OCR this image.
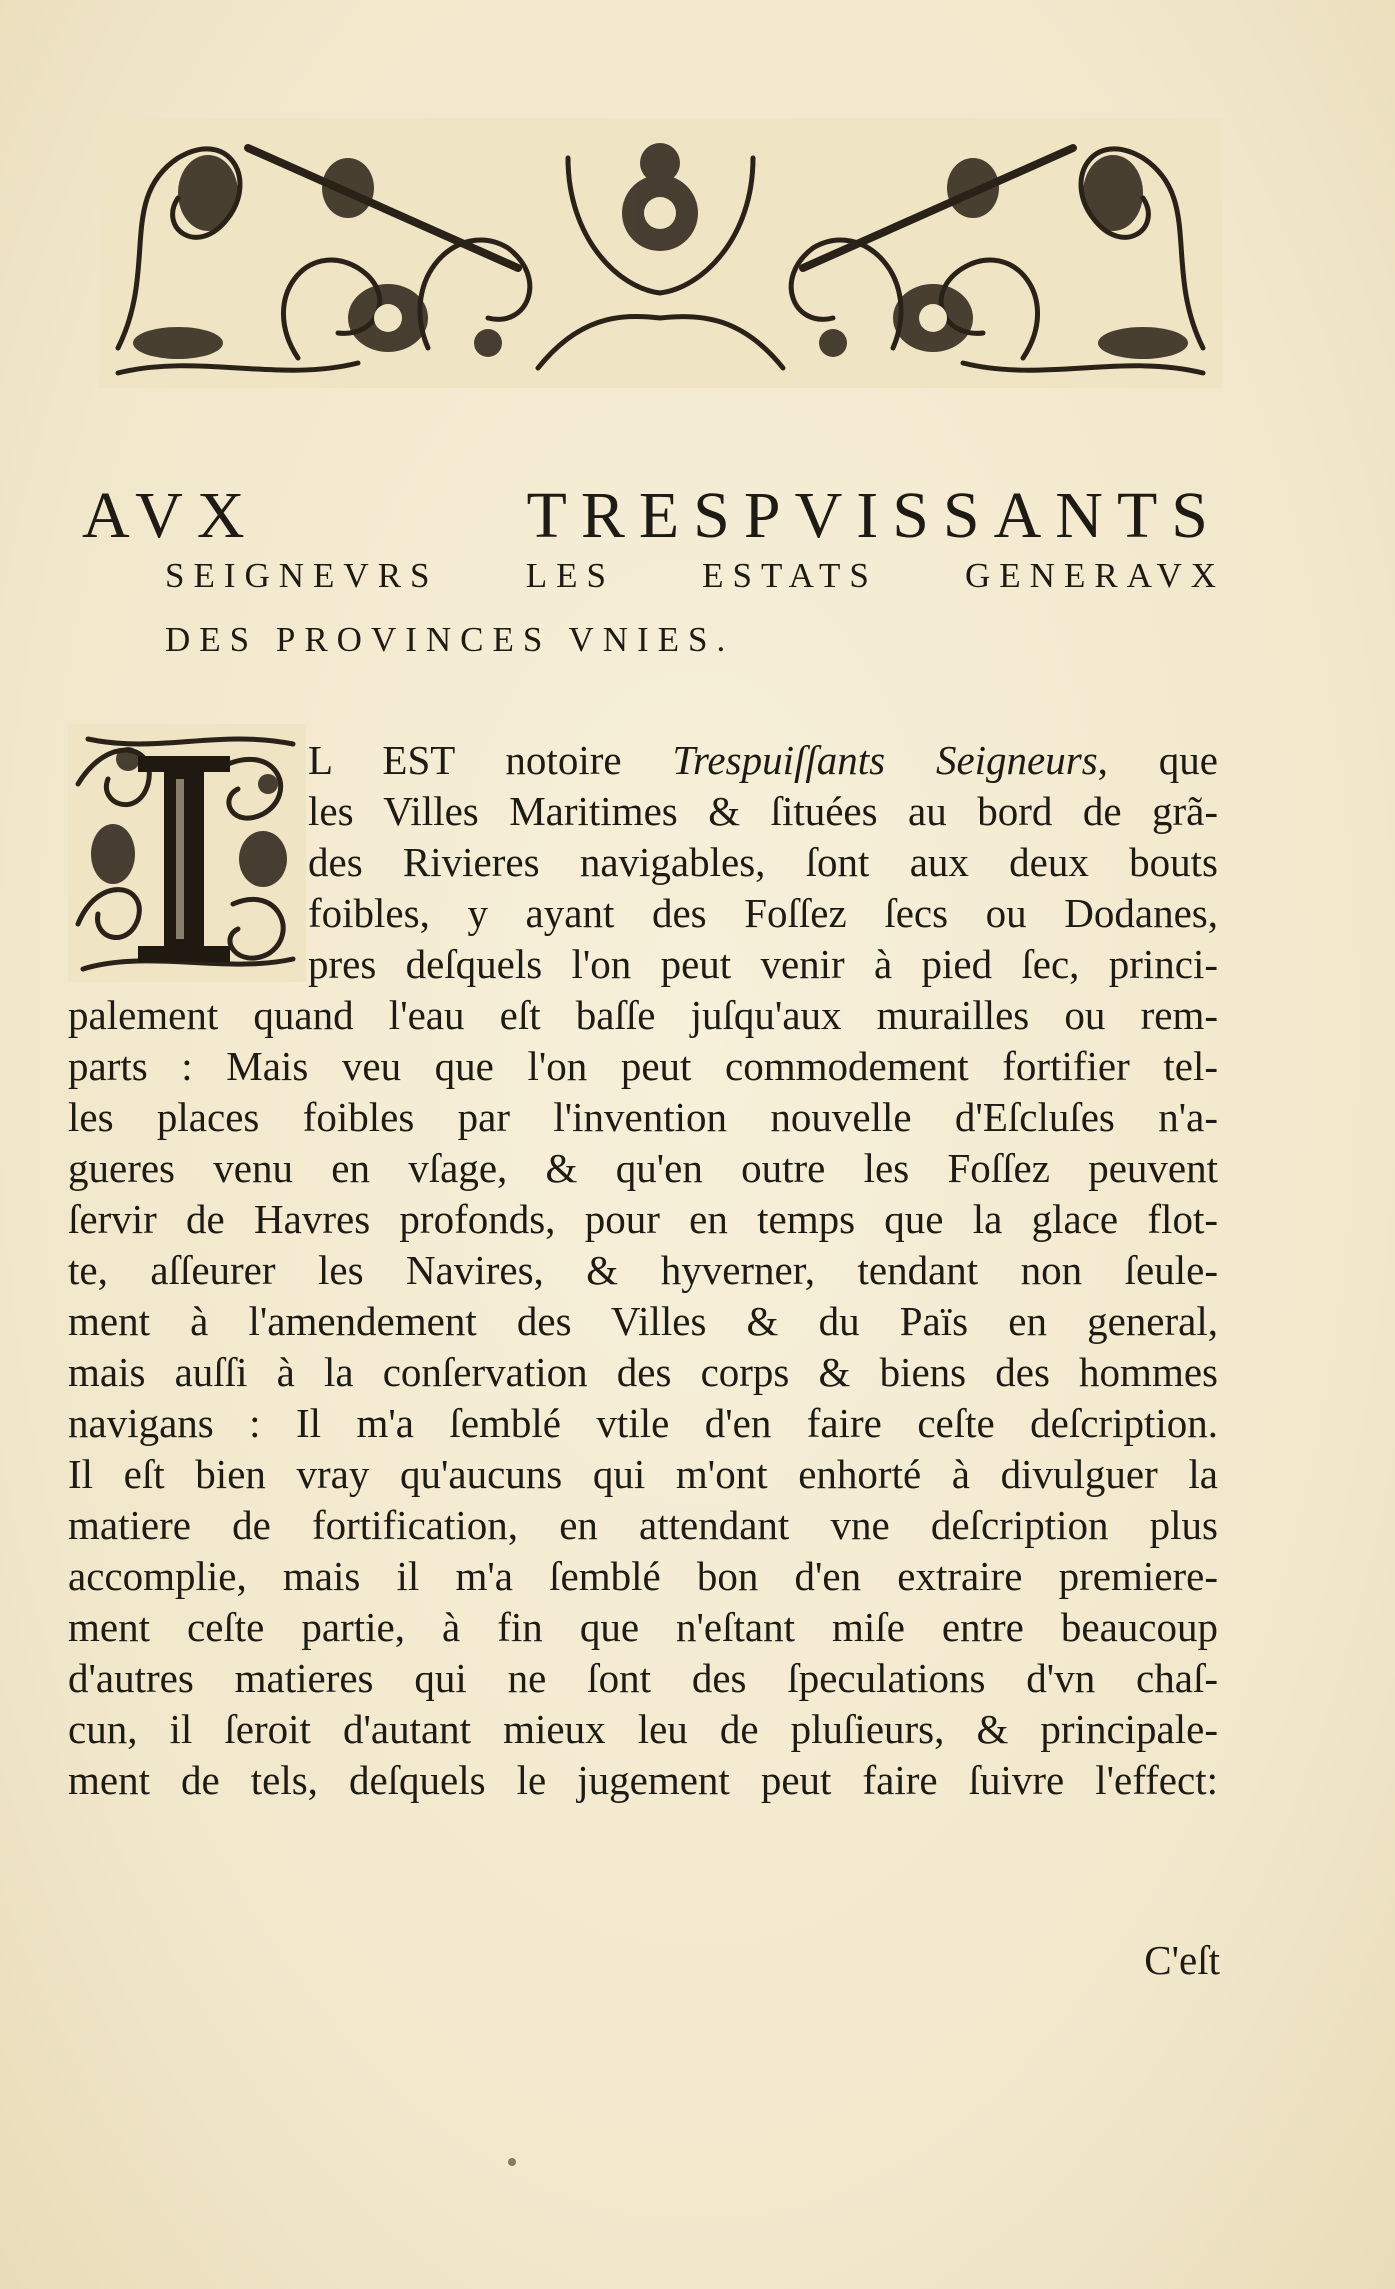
AVX TRESPVISSANTS
SEIGNEVRS LES ESTATS GENERAVX
DES PROVINCES VNIES.
L EST notoire Trespuiſſants Seigneurs, que
les Villes Maritimes & ſituées au bord de grã-
des Rivieres navigables, ſont aux deux bouts
foibles, y ayant des Foſſez ſecs ou Dodanes,
pres deſquels l'on peut venir à pied ſec, princi-
palement quand l'eau eſt baſſe juſqu'aux murailles ou rem-
parts : Mais veu que l'on peut commodement fortifier tel-
les places foibles par l'invention nouvelle d'Eſcluſes n'a-
gueres venu en vſage, & qu'en outre les Foſſez peuvent
ſervir de Havres profonds, pour en temps que la glace flot-
te, aſſeurer les Navires, & hyverner, tendant non ſeule-
ment à l'amendement des Villes & du Païs en general,
mais auſſi à la conſervation des corps & biens des hommes
navigans : Il m'a ſemblé vtile d'en faire ceſte deſcription.
Il eſt bien vray qu'aucuns qui m'ont enhorté à divulguer la
matiere de fortification, en attendant vne deſcription plus
accomplie, mais il m'a ſemblé bon d'en extraire premiere-
ment ceſte partie, à fin que n'eſtant miſe entre beaucoup
d'autres matieres qui ne ſont des ſpeculations d'vn chaſ-
cun, il ſeroit d'autant mieux leu de pluſieurs, & principale-
ment de tels, deſquels le jugement peut faire ſuivre l'effect:
C'eſt
